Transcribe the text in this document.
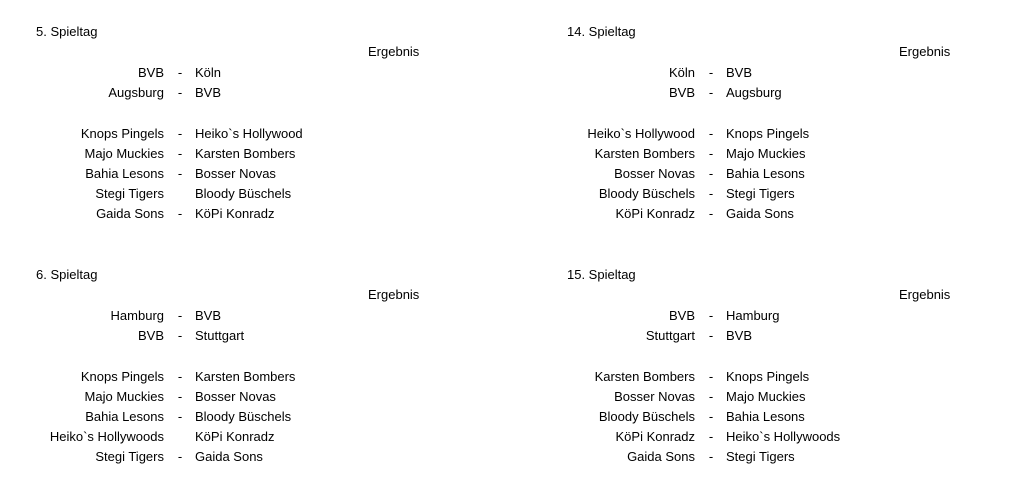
5. Spieltag
Ergebnis
BVB - Köln
Augsburg - BVB
Knops Pingels - Heiko`s Hollywood
Majo Muckies - Karsten Bombers
Bahia Lesons - Bosser Novas
Stegi Tigers Bloody Büschels
Gaida Sons - KöPi Konradz
14. Spieltag
Ergebnis
Köln - BVB
BVB - Augsburg
Heiko`s Hollywood - Knops Pingels
Karsten Bombers - Majo Muckies
Bosser Novas - Bahia Lesons
Bloody Büschels - Stegi Tigers
KöPi Konradz - Gaida Sons
6. Spieltag
Ergebnis
Hamburg - BVB
BVB - Stuttgart
Knops Pingels - Karsten Bombers
Majo Muckies - Bosser Novas
Bahia Lesons - Bloody Büschels
Heiko`s Hollywoods KöPi Konradz
Stegi Tigers - Gaida Sons
15. Spieltag
Ergebnis
BVB - Hamburg
Stuttgart - BVB
Karsten Bombers - Knops Pingels
Bosser Novas - Majo Muckies
Bloody Büschels - Bahia Lesons
KöPi Konradz - Heiko`s Hollywoods
Gaida Sons - Stegi Tigers
